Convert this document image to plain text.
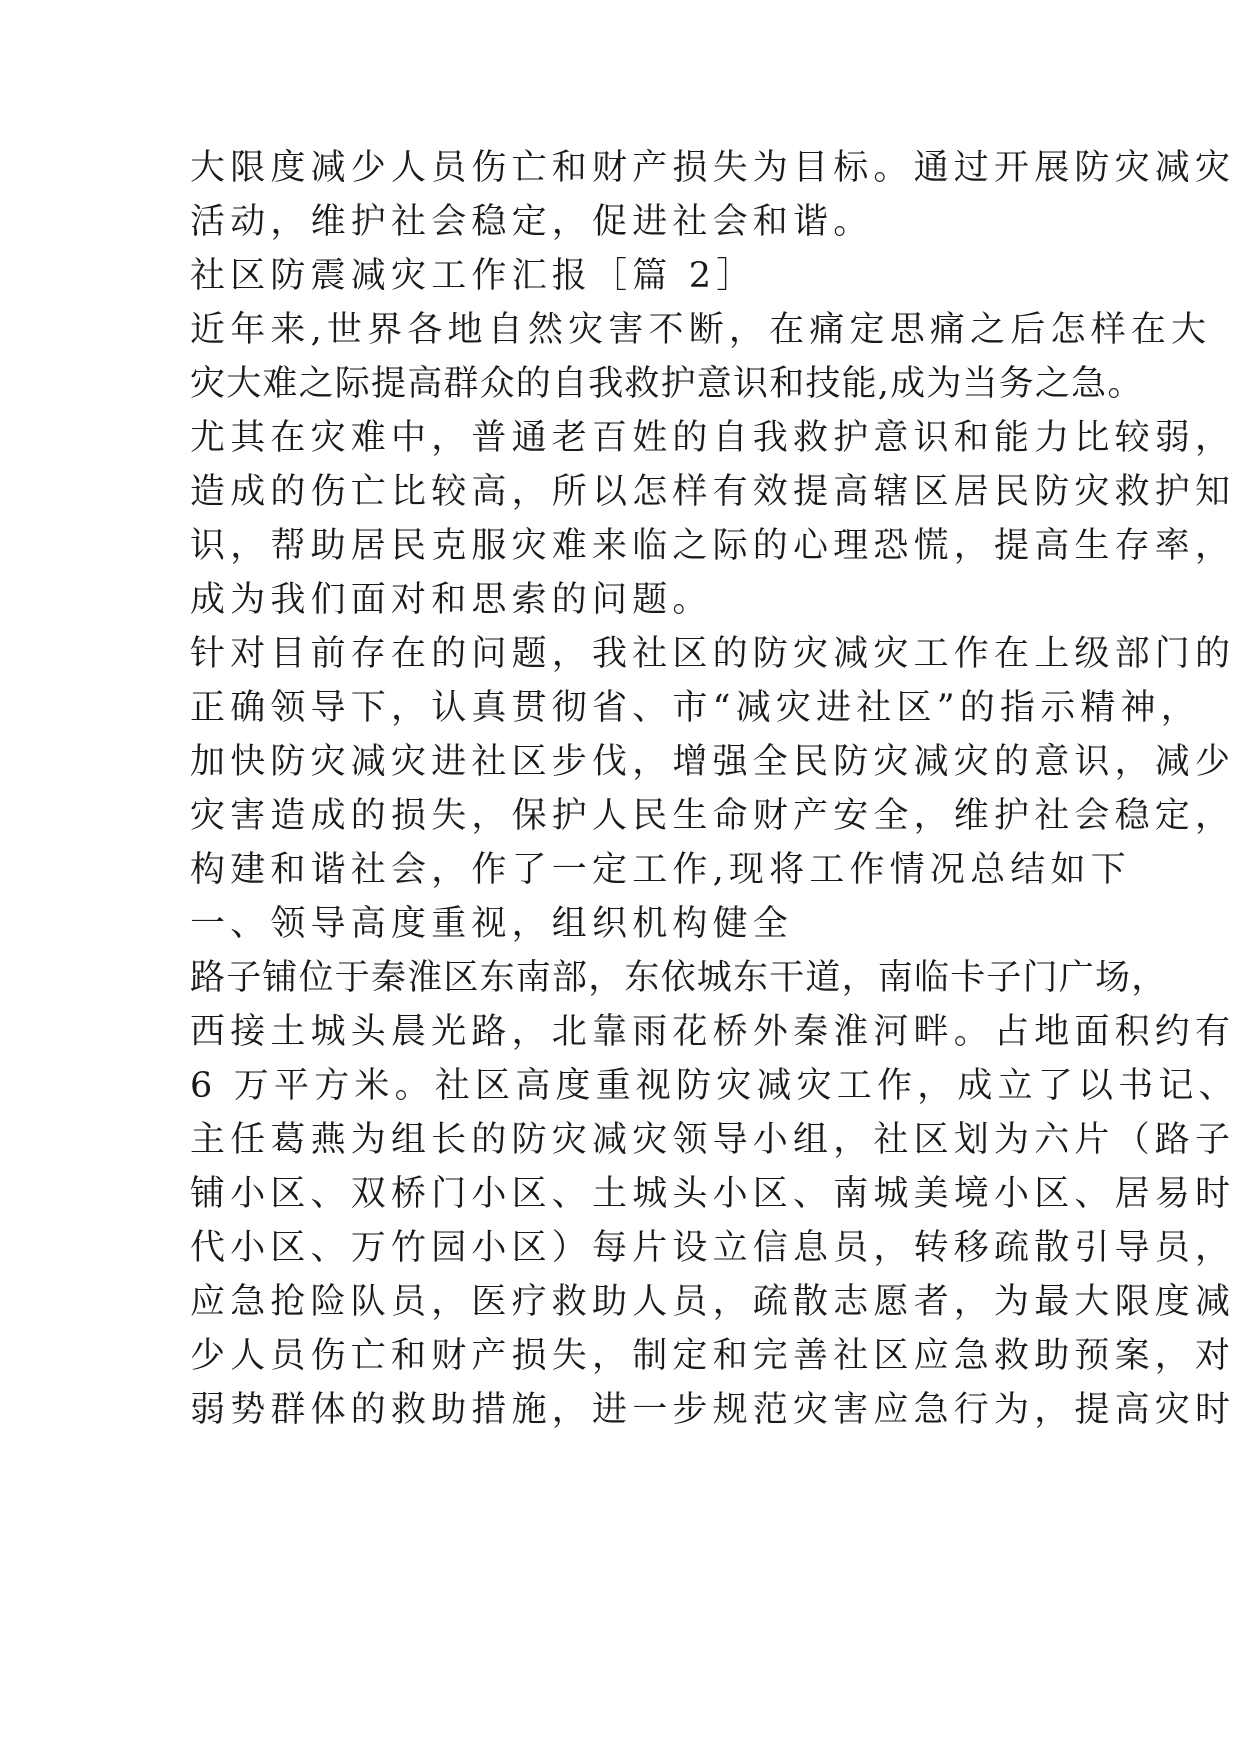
大限度减少人员伤亡和财产损失为目标。通过开展防灾减灾
活动，维护社会稳定，促进社会和谐。
社区防震减灾工作汇报［篇 2］
近年来,世界各地自然灾害不断，在痛定思痛之后怎样在大
灾大难之际提高群众的自我救护意识和技能,成为当务之急。
尤其在灾难中，普通老百姓的自我救护意识和能力比较弱，
造成的伤亡比较高，所以怎样有效提高辖区居民防灾救护知
识，帮助居民克服灾难来临之际的心理恐慌，提高生存率，
成为我们面对和思索的问题。
针对目前存在的问题，我社区的防灾减灾工作在上级部门的
正确领导下，认真贯彻省、市“减灾进社区”的指示精神，
加快防灾减灾进社区步伐，增强全民防灾减灾的意识，减少
灾害造成的损失，保护人民生命财产安全，维护社会稳定，
构建和谐社会，作了一定工作,现将工作情况总结如下
一、领导高度重视，组织机构健全
路子铺位于秦淮区东南部，东依城东干道，南临卡子门广场，
西接土城头晨光路，北靠雨花桥外秦淮河畔。占地面积约有
6 万平方米。社区高度重视防灾减灾工作，成立了以书记、
主任葛燕为组长的防灾减灾领导小组，社区划为六片（路子
铺小区、双桥门小区、土城头小区、南城美境小区、居易时
代小区、万竹园小区）每片设立信息员，转移疏散引导员，
应急抢险队员，医疗救助人员，疏散志愿者，为最大限度减
少人员伤亡和财产损失，制定和完善社区应急救助预案，对
弱势群体的救助措施，进一步规范灾害应急行为，提高灾时
